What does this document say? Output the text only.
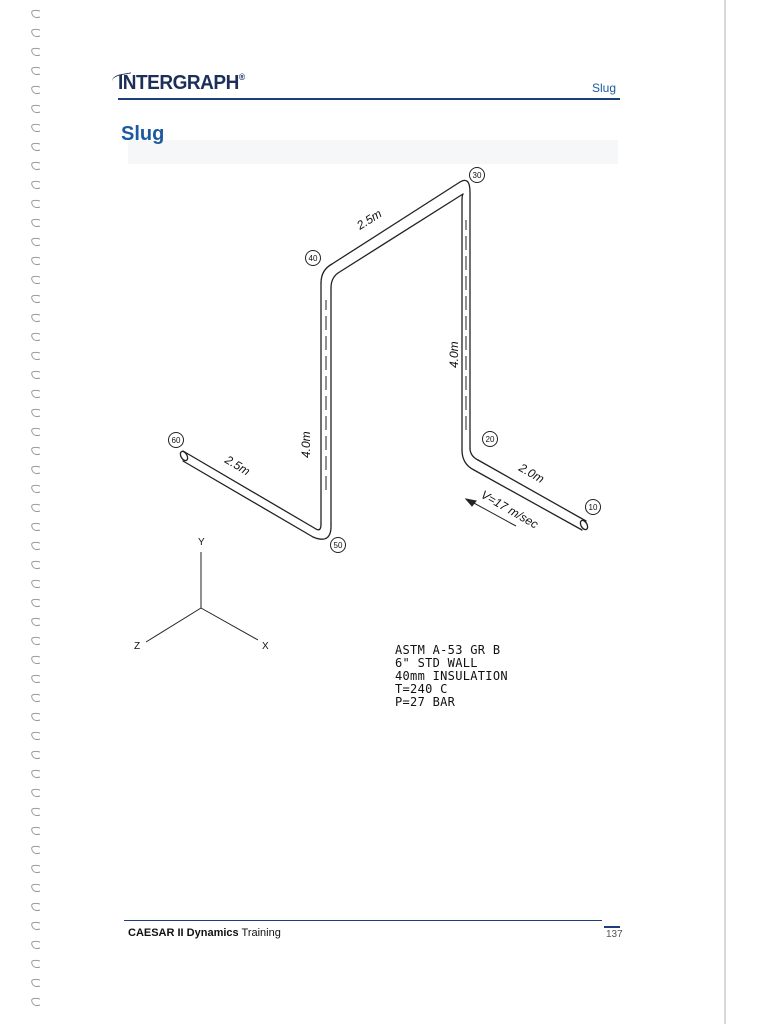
INTERGRAPH®
Slug
Slug
60
50
40
30
20
10
2.5m
4.0m
2.5m
4.0m
2.0m
V=17 m/sec
Y
Z	X	ASTM A-53 GR B
6" STD WALL
40mm INSULATION
T=240 C
P=27 BAR
CAESAR II Dynamics Training	137
